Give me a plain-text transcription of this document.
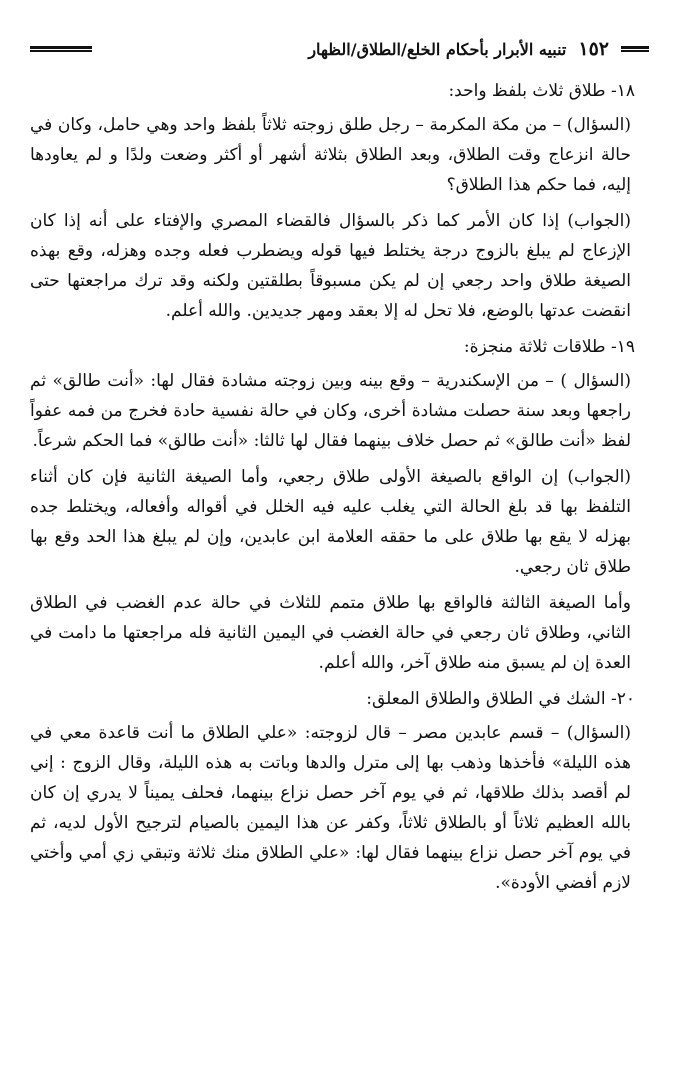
١٥٢
تنبيه الأبرار بأحكام الخلع/الطلاق/الظهار

١٨- طلاق ثلاث بلفظ واحد:

(السؤال) – من مكة المكرمة – رجل طلق زوجته ثلاثاً بلفظ واحد وهي حامل، وكان في حالة انزعاج وقت الطلاق، وبعد الطلاق بثلاثة أشهر أو أكثر وضعت ولدًا و لم يعاودها إليه، فما حكم هذا الطلاق؟

(الجواب) إذا كان الأمر كما ذكر بالسؤال فالقضاء المصري والإفتاء على أنه إذا كان الإزعاج لم يبلغ بالزوج درجة يختلط فيها قوله ويضطرب فعله وجده وهزله، وقع بهذه الصيغة طلاق واحد رجعي إن لم يكن مسبوقاً بطلقتين ولكنه وقد ترك مراجعتها حتى انقضت عدتها بالوضع، فلا تحل له إلا بعقد ومهر جديدين. والله أعلم.

١٩- طلاقات ثلاثة منجزة:

(السؤال ) – من الإسكندرية – وقع بينه وبين زوجته مشادة فقال لها: «أنت طالق» ثم راجعها وبعد سنة حصلت مشادة أخرى، وكان في حالة نفسية حادة فخرج من فمه عفواً لفظ «أنت طالق» ثم حصل خلاف بينهما فقال لها ثالثا: «أنت طالق» فما الحكم شرعاً.

(الجواب) إن الواقع بالصيغة الأولى طلاق رجعي، وأما الصيغة الثانية فإن كان أثناء التلفظ بها قد بلغ الحالة التي يغلب عليه فيه الخلل في أقواله وأفعاله، ويختلط جده بهزله لا يقع بها طلاق على ما حققه العلامة ابن عابدين، وإن لم يبلغ هذا الحد وقع بها طلاق ثان رجعي.

وأما الصيغة الثالثة فالواقع بها طلاق متمم للثلاث في حالة عدم الغضب في الطلاق الثاني، وطلاق ثان رجعي في حالة الغضب في اليمين الثانية فله مراجعتها ما دامت في العدة إن لم يسبق منه طلاق آخر، والله أعلم.

٢٠- الشك في الطلاق والطلاق المعلق:

(السؤال) – قسم عابدين مصر – قال لزوجته: «علي الطلاق ما أنت قاعدة معي في هذه الليلة» فأخذها وذهب بها إلى مترل والدها وباتت به هذه الليلة، وقال الزوج : إني لم أقصد بذلك طلاقها، ثم في يوم آخر حصل نزاع بينهما، فحلف يميناً لا يدري إن كان بالله العظيم ثلاثاً أو بالطلاق ثلاثاً، وكفر عن هذا اليمين بالصيام لترجيح الأول لديه، ثم في يوم آخر حصل نزاع بينهما فقال لها: «علي الطلاق منك ثلاثة وتبقي زي أمي وأختي لازم أفضي الأودة».
